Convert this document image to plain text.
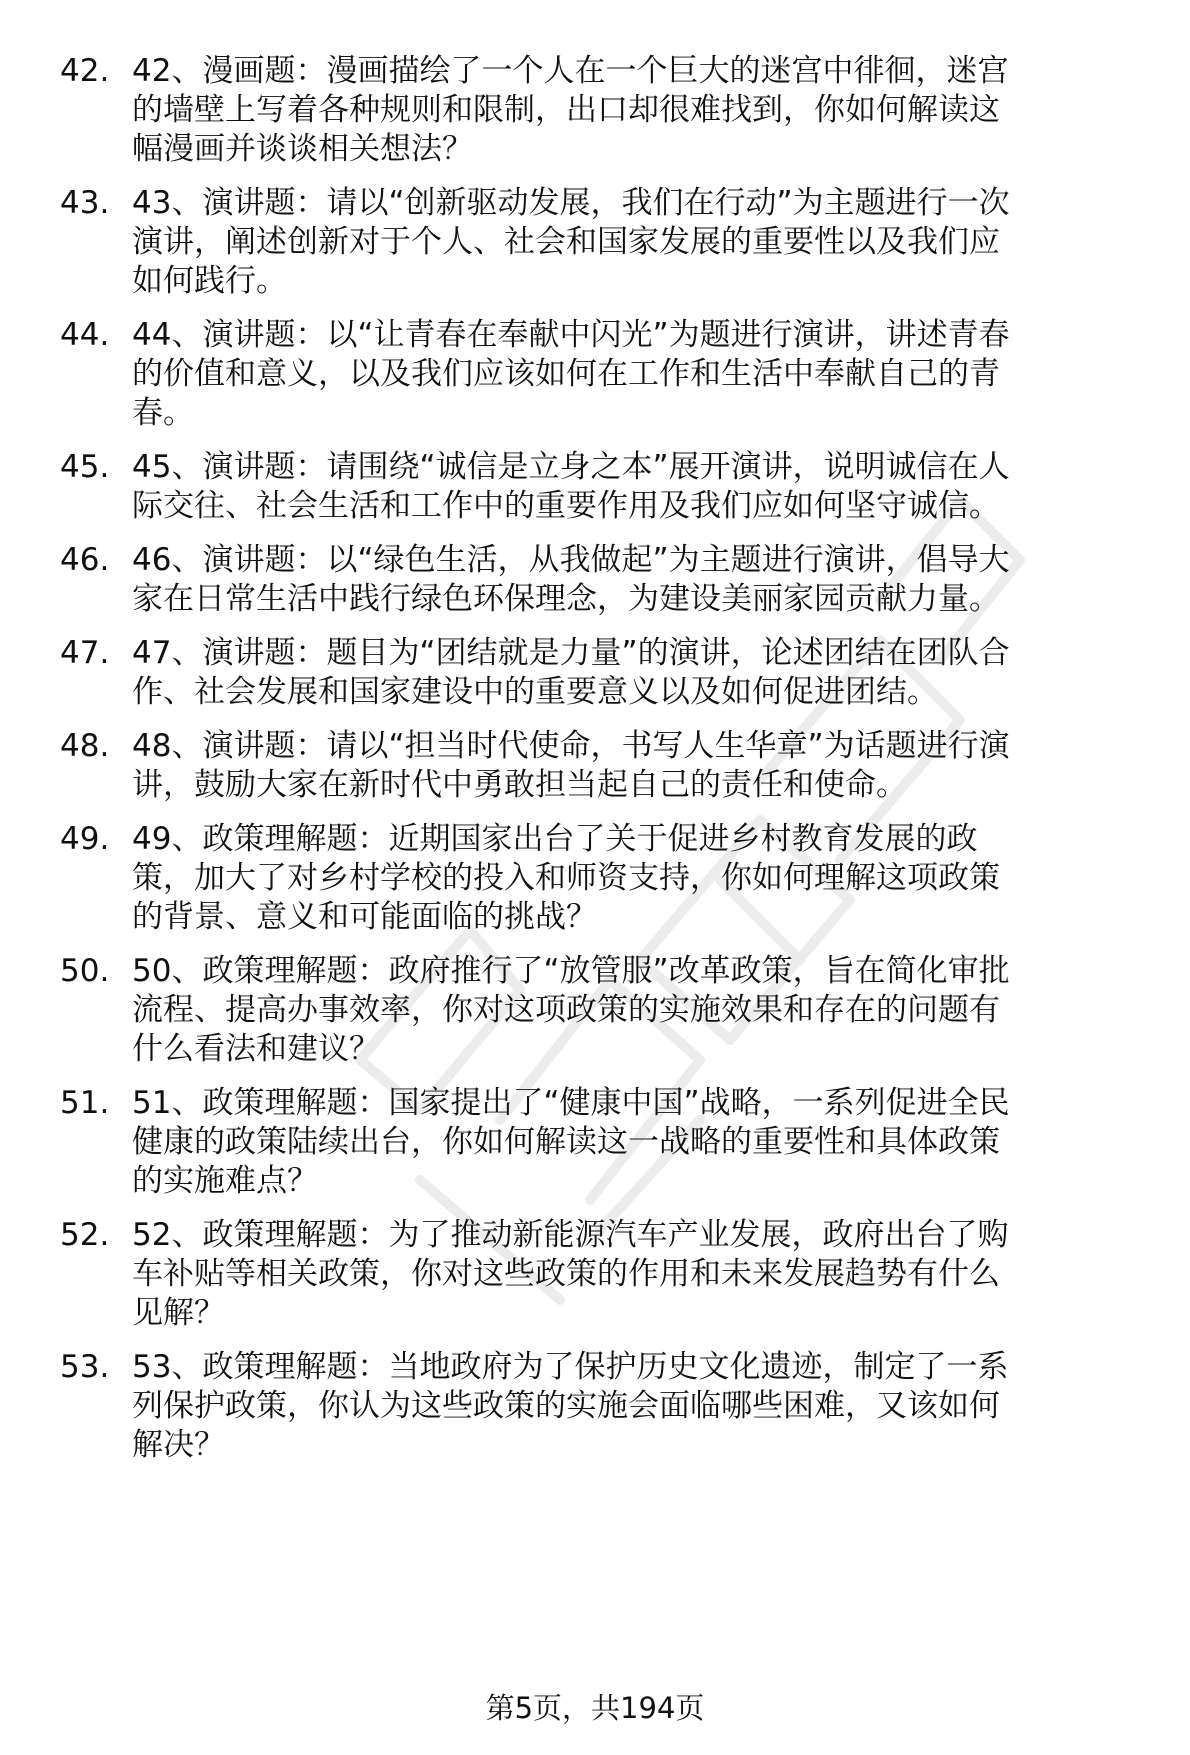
42. 42、漫画题：漫画描绘了一个人在一个巨大的迷宫中徘徊，迷宫
的墙壁上写着各种规则和限制，出口却很难找到，你如何解读这
幅漫画并谈谈相关想法？

43. 43、演讲题：请以“创新驱动发展，我们在行动”为主题进行一次
演讲，阐述创新对于个人、社会和国家发展的重要性以及我们应
如何践行。

44. 44、演讲题：以“让青春在奉献中闪光”为题进行演讲，讲述青春
的价值和意义，以及我们应该如何在工作和生活中奉献自己的青
春。

45. 45、演讲题：请围绕“诚信是立身之本”展开演讲，说明诚信在人
际交往、社会生活和工作中的重要作用及我们应如何坚守诚信。

46. 46、演讲题：以“绿色生活，从我做起”为主题进行演讲，倡导大
家在日常生活中践行绿色环保理念，为建设美丽家园贡献力量。

47. 47、演讲题：题目为“团结就是力量”的演讲，论述团结在团队合
作、社会发展和国家建设中的重要意义以及如何促进团结。

48. 48、演讲题：请以“担当时代使命，书写人生华章”为话题进行演
讲，鼓励大家在新时代中勇敢担当起自己的责任和使命。

49. 49、政策理解题：近期国家出台了关于促进乡村教育发展的政
策，加大了对乡村学校的投入和师资支持，你如何理解这项政策
的背景、意义和可能面临的挑战？

50. 50、政策理解题：政府推行了“放管服”改革政策，旨在简化审批
流程、提高办事效率，你对这项政策的实施效果和存在的问题有
什么看法和建议？

51. 51、政策理解题：国家提出了“健康中国”战略，一系列促进全民
健康的政策陆续出台，你如何解读这一战略的重要性和具体政策
的实施难点？

52. 52、政策理解题：为了推动新能源汽车产业发展，政府出台了购
车补贴等相关政策，你对这些政策的作用和未来发展趋势有什么
见解？

53. 53、政策理解题：当地政府为了保护历史文化遗迹，制定了一系
列保护政策，你认为这些政策的实施会面临哪些困难，又该如何
解决？

第5页，共194页
